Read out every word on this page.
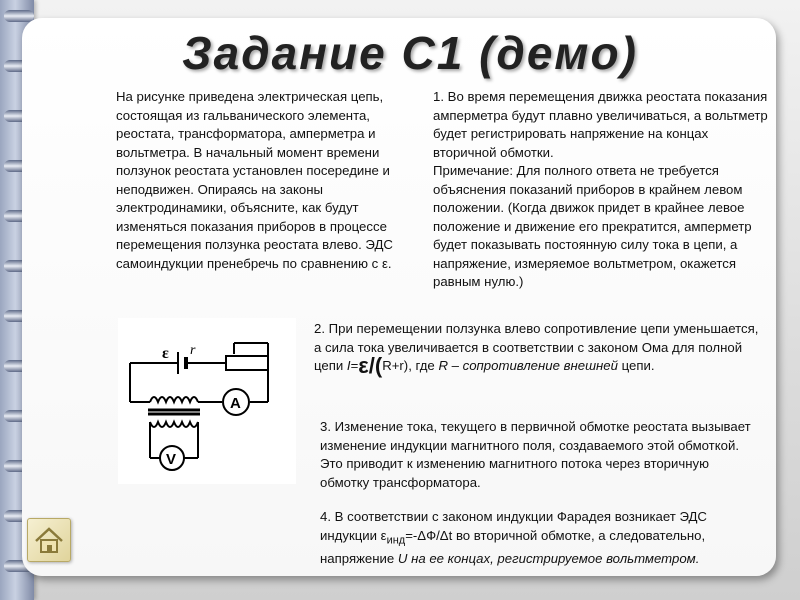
Задание С1 (демо)
На рисунке приведена электрическая цепь, состоящая из гальванического элемента, реостата, трансформатора, амперметра и вольтметра. В начальный момент времени ползунок реостата установлен посередине и неподвижен. Опираясь на законы электродинамики, объясните, как будут изменяться показания приборов в процессе перемещения ползунка реостата влево. ЭДС самоиндукции пренебречь по сравнению с ε.
1. Во время перемещения движка реостата показания амперметра будут плавно увеличиваться, а вольтметр будет регистрировать напряжение на концах вторичной обмотки.
Примечание: Для полного ответа не требуется объяснения показаний приборов в крайнем левом положении. (Когда движок придет в крайнее левое положение и движение его прекратится, амперметр будет показывать постоянную силу тока в цепи, а напряжение, измеряемое вольтметром, окажется равным нулю.)
ε r
A
V
2. При перемещении ползунка влево сопротивление цепи уменьшается, а сила тока увеличивается в соответствии с законом Ома для полной цепи I=ε/(R+r), где R – сопротивление внешней цепи.
3. Изменение тока, текущего в первичной обмотке реостата вызывает изменение индукции магнитного поля, создаваемого этой обмоткой. Это приводит к изменению магнитного потока через вторичную обмотку трансформатора.
4. В соответствии с законом индукции Фарадея возникает ЭДС индукции $\varepsilon_{инд}=-\Delta Ф/\Delta t$ во вторичной обмотке, а следовательно, напряжение U на ее концах, регистрируемое вольтметром.
